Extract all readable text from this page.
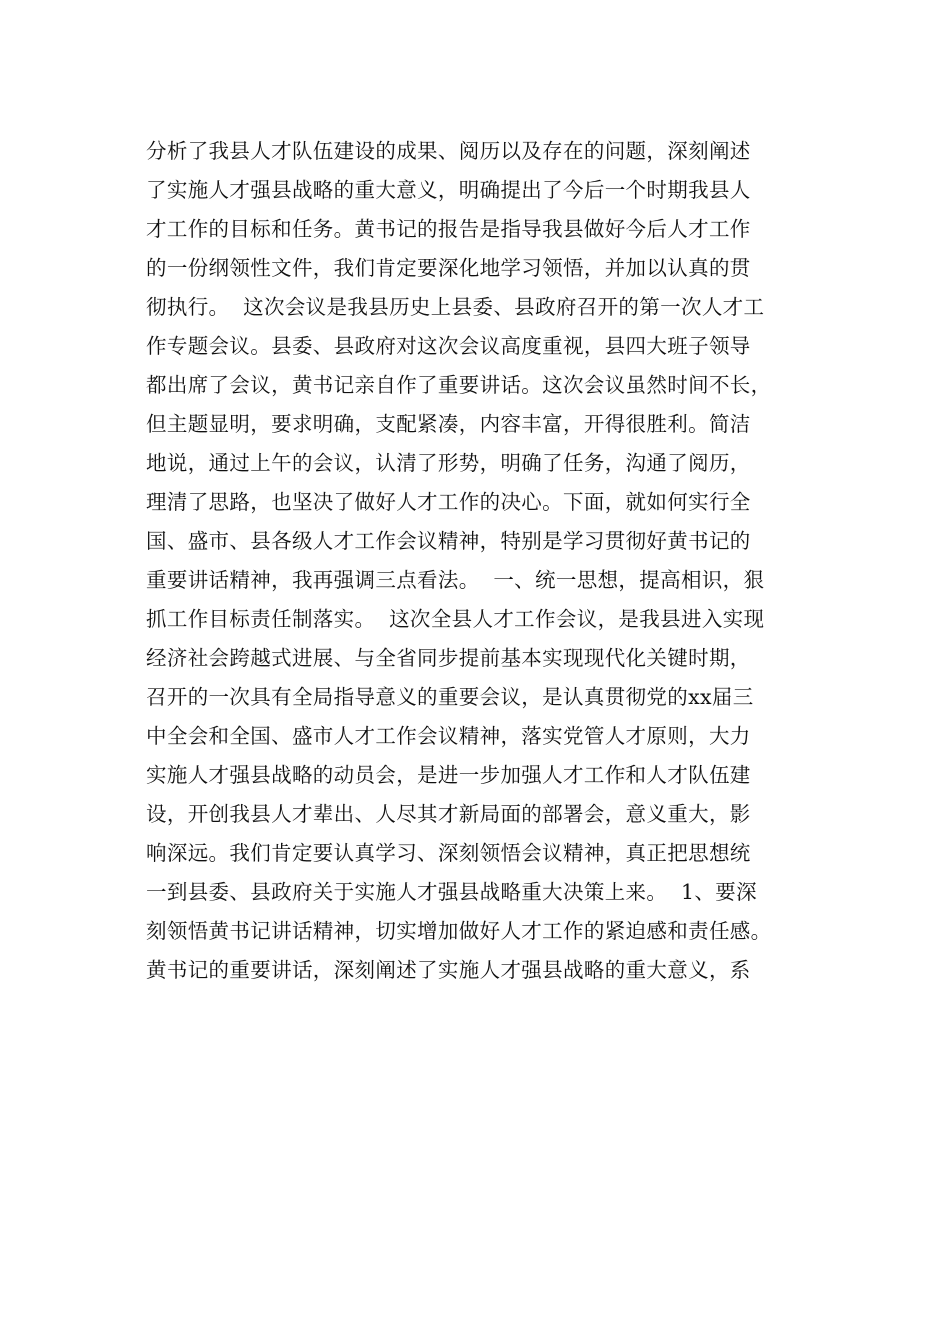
分析了我县人才队伍建设的成果、阅历以及存在的问题，深刻阐述
了实施人才强县战略的重大意义，明确提出了今后一个时期我县人
才工作的目标和任务。黄书记的报告是指导我县做好今后人才工作
的一份纲领性文件，我们肯定要深化地学习领悟，并加以认真的贯
彻执行。  这次会议是我县历史上县委、县政府召开的第一次人才工
作专题会议。县委、县政府对这次会议高度重视，县四大班子领导
都出席了会议，黄书记亲自作了重要讲话。这次会议虽然时间不长，
但主题显明，要求明确，支配紧凑，内容丰富，开得很胜利。简洁
地说，通过上午的会议，认清了形势，明确了任务，沟通了阅历，
理清了思路，也坚决了做好人才工作的决心。下面，就如何实行全
国、盛市、县各级人才工作会议精神，特别是学习贯彻好黄书记的
重要讲话精神，我再强调三点看法。  一、统一思想，提高相识，狠
抓工作目标责任制落实。  这次全县人才工作会议，是我县进入实现
经济社会跨越式进展、与全省同步提前基本实现现代化关键时期，
召开的一次具有全局指导意义的重要会议，是认真贯彻党的xx届三
中全会和全国、盛市人才工作会议精神，落实党管人才原则，大力
实施人才强县战略的动员会，是进一步加强人才工作和人才队伍建
设，开创我县人才辈出、人尽其才新局面的部署会，意义重大，影
响深远。我们肯定要认真学习、深刻领悟会议精神，真正把思想统
一到县委、县政府关于实施人才强县战略重大决策上来。  1、要深
刻领悟黄书记讲话精神，切实增加做好人才工作的紧迫感和责任感。
黄书记的重要讲话，深刻阐述了实施人才强县战略的重大意义，系
